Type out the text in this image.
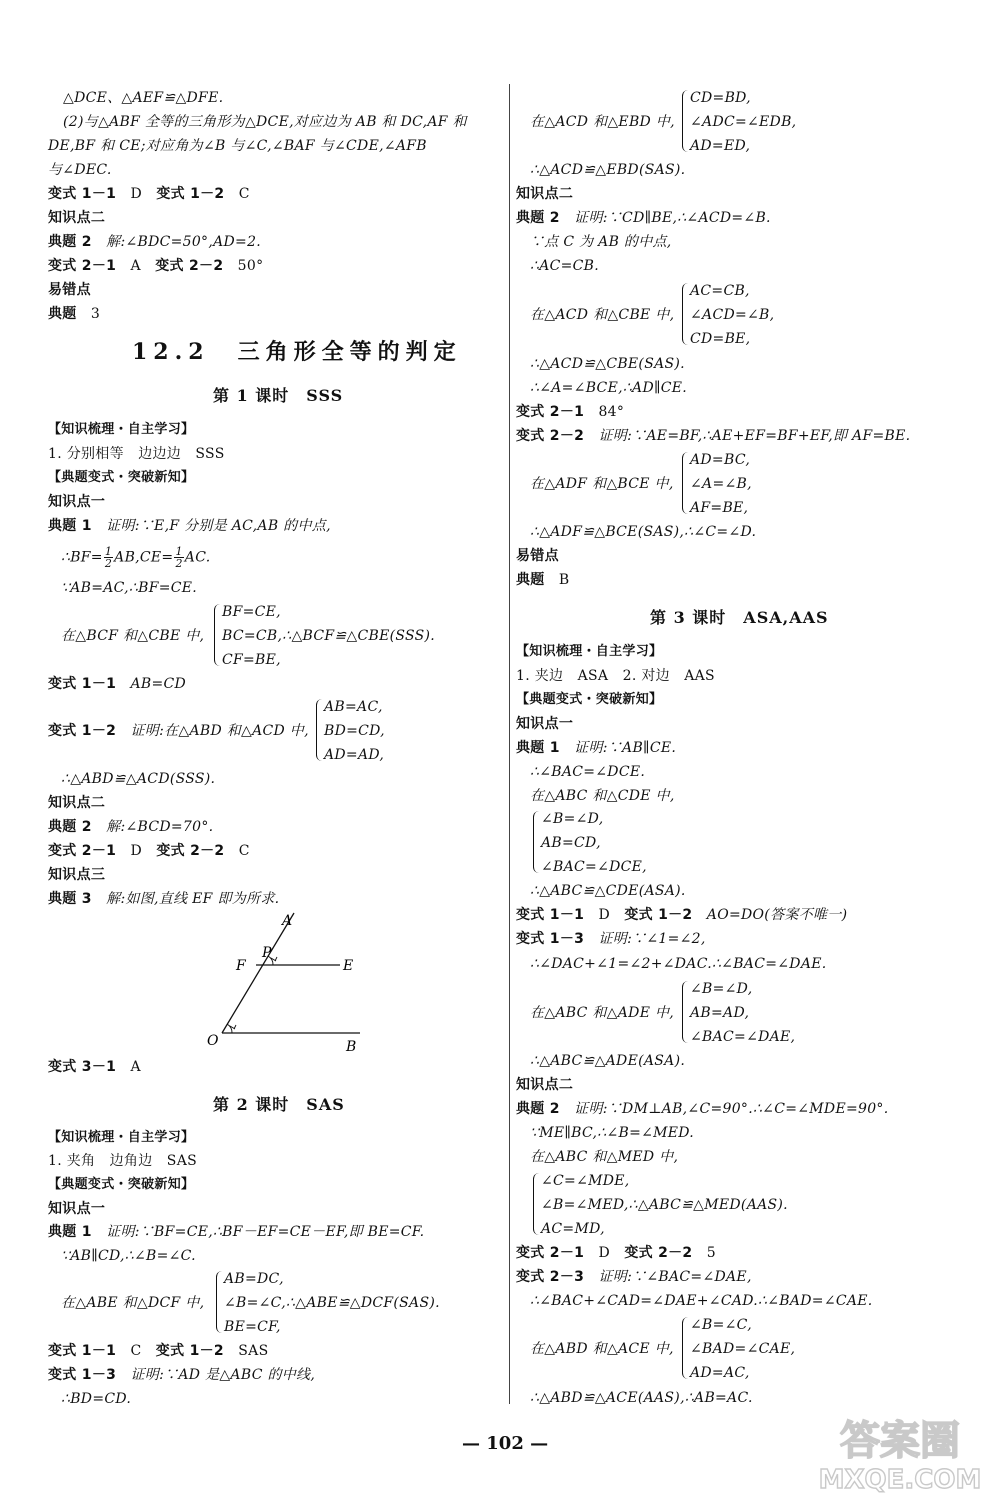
△DCE、△AEF≌△DFE.
(2)与△ABF 全等的三角形为△DCE,对应边为 AB 和 DC,AF 和
DE,BF 和 CE;对应角为∠B 与∠C,∠BAF 与∠CDE,∠AFB
与∠DEC.
变式 1－1　 D　 变式 1－2　 C
知识点二
典题 2　 解:∠BDC=50°,AD=2.
变式 2－1　 A　 变式 2－2　 50°
易错点
典题　 3
12.2　三角形全等的判定
第 1 课时　SSS
【知识梳理・自主学习】
1. 分别相等　边边边　SSS
【典题变式・突破新知】
知识点一
典题 1　 证明:∵E,F 分别是 AC,AB 的中点,
∴BF= $\frac{1}{2} AB,CE= \frac{1}{2}$ AC.
∵AB=AC,∴BF=CE.
BF=CE,
在△BCF 和△CBE 中, BC=CB,∴△BCF≌△CBE(SSS).
CF=BE,
变式 1－1　 AB=CD
AB=AC,
变式 1－2　 证明:在△ABD 和△ACD 中, BD=CD,
AD=AD,
∴△ABD≌△ACD(SSS).
知识点二
典题 2　 解:∠BCD=70°.
变式 2－1　 D　 变式 2－2　 C
知识点三
典题 3　 解:如图,直线 EF 即为所求.
A
P
F	E
O	B
变式 3－1　 A
第 2 课时　SAS
【知识梳理・自主学习】
1. 夹角　边角边　SAS
【典题变式・突破新知】
知识点一
典题 1　 证明:∵BF=CE,∴BF－EF=CE－EF,即 BE=CF.
∵AB∥CD,∴∠B=∠C.
AB=DC,
在△ABE 和△DCF 中, ∠B=∠C,∴△ABE≌△DCF(SAS).
BE=CF,
变式 1－1　 C　 变式 1－2　 SAS
变式 1－3　 证明:∵AD 是△ABC 的中线,
∴BD=CD.
CD=BD,
在△ACD 和△EBD 中, ∠ADC=∠EDB,
AD=ED,
∴△ACD≌△EBD(SAS).
知识点二
典题 2　 证明:∵CD∥BE,∴∠ACD=∠B.
∵点 C 为 AB 的中点,
∴AC=CB.
AC=CB,
在△ACD 和△CBE 中, ∠ACD=∠B,
CD=BE,
∴△ACD≌△CBE(SAS).
∴∠A=∠BCE,∴AD∥CE.
变式 2－1　 84°
变式 2－2　 证明:∵AE=BF,∴AE+EF=BF+EF,即 AF=BE.
AD=BC,
在△ADF 和△BCE 中, ∠A=∠B,
AF=BE,
∴△ADF≌△BCE(SAS),∴∠C=∠D.
易错点
典题　 B
第 3 课时　ASA,AAS
【知识梳理・自主学习】
1. 夹边　ASA　2. 对边　AAS
【典题变式・突破新知】
知识点一
典题 1　 证明:∵AB∥CE.
∴∠BAC=∠DCE.
在△ABC 和△CDE 中,
∠B=∠D,
AB=CD,
∠BAC=∠DCE,
∴△ABC≌△CDE(ASA).
变式 1－1　 D　 变式 1－2　 AO=DO(答案不唯一)
变式 1－3　 证明:∵∠1=∠2,
∴∠DAC+∠1=∠2+∠DAC.∴∠BAC=∠DAE.
∠B=∠D,
在△ABC 和△ADE 中, AB=AD,
∠BAC=∠DAE,
∴△ABC≌△ADE(ASA).
知识点二
典题 2　 证明:∵DM⊥AB,∠C=90°.∴∠C=∠MDE=90°.
∵ME∥BC,∴∠B=∠MED.
在△ABC 和△MED 中,
∠C=∠MDE,
∠B=∠MED,∴△ABC≌△MED(AAS).
AC=MD,
变式 2－1　 D　 变式 2－2　 5
变式 2－3　 证明:∵∠BAC=∠DAE,
∴∠BAC+∠CAD=∠DAE+∠CAD.∴∠BAD=∠CAE.
∠B=∠C,
在△ABD 和△ACE 中, ∠BAD=∠CAE,
AD=AC,
∴△ABD≌△ACE(AAS),∴AB=AC.
— 102 —	答案圈
MXQE.COM
